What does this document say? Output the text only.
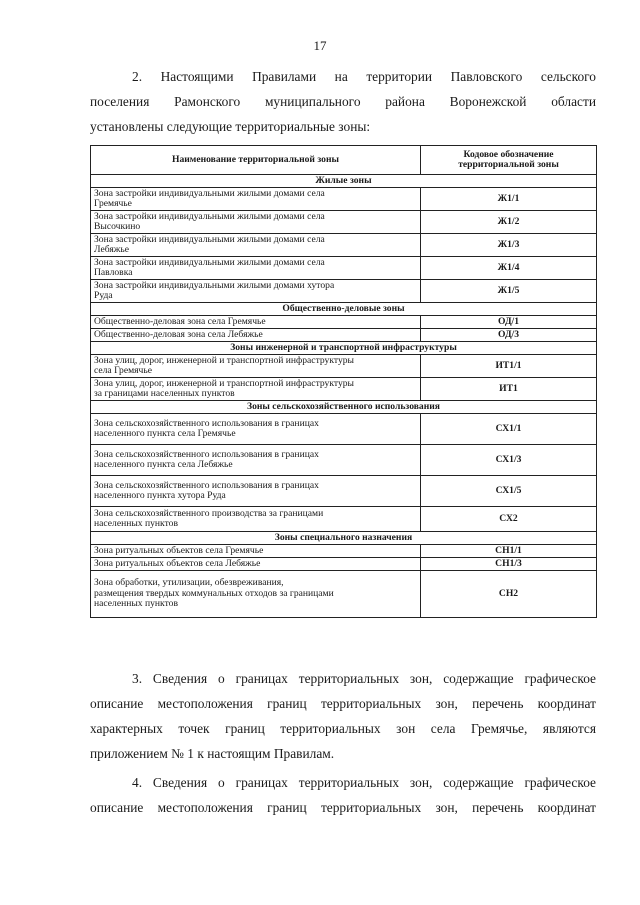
17
2. Настоящими Правилами на территории Павловского сельского
поселения Рамонского муниципального района Воронежской области
установлены следующие территориальные зоны:
Наименование территориальной зоны	Кодовое обозначение
территориальной зоны
Жилые зоны	
Зона застройки индивидуальными жилыми домами села
Гремячье	Ж1/1
Зона застройки индивидуальными жилыми домами села
Высочкино	Ж1/2
Зона застройки индивидуальными жилыми домами села
Лебяжье	Ж1/3
Зона застройки индивидуальными жилыми домами села
Павловка	Ж1/4
Зона застройки индивидуальными жилыми домами хутора
Руда	Ж1/5
Общественно-деловые зоны	
Общественно-деловая зона села Гремячье	ОД/1
Общественно-деловая зона села Лебяжье	ОД/3
Зоны инженерной и транспортной инфраструктуры	
Зона улиц, дорог, инженерной и транспортной инфраструктуры
села Гремячье	ИТ1/1
Зона улиц, дорог, инженерной и транспортной инфраструктуры
за границами населенных пунктов	ИТ1
Зоны сельскохозяйственного использования	
Зона сельскохозяйственного использования в границах
населенного пункта села Гремячье	СХ1/1
Зона сельскохозяйственного использования в границах
населенного пункта села Лебяжье	СХ1/3
Зона сельскохозяйственного использования в границах
населенного пункта хутора Руда	СХ1/5
Зона сельскохозяйственного производства за границами
населенных пунктов	СХ2
Зоны специального назначения	
Зона ритуальных объектов села Гремячье	СН1/1
Зона ритуальных объектов села Лебяжье	СН1/3
Зона обработки, утилизации, обезвреживания,
размещения твердых коммунальных отходов за границами
населенных пунктов	СН2
3. Сведения о границах территориальных зон, содержащие графическое
описание местоположения границ территориальных зон, перечень координат
характерных точек границ территориальных зон села Гремячье, являются
приложением № 1 к настоящим Правилам.
4. Сведения о границах территориальных зон, содержащие графическое
описание местоположения границ территориальных зон, перечень координат
